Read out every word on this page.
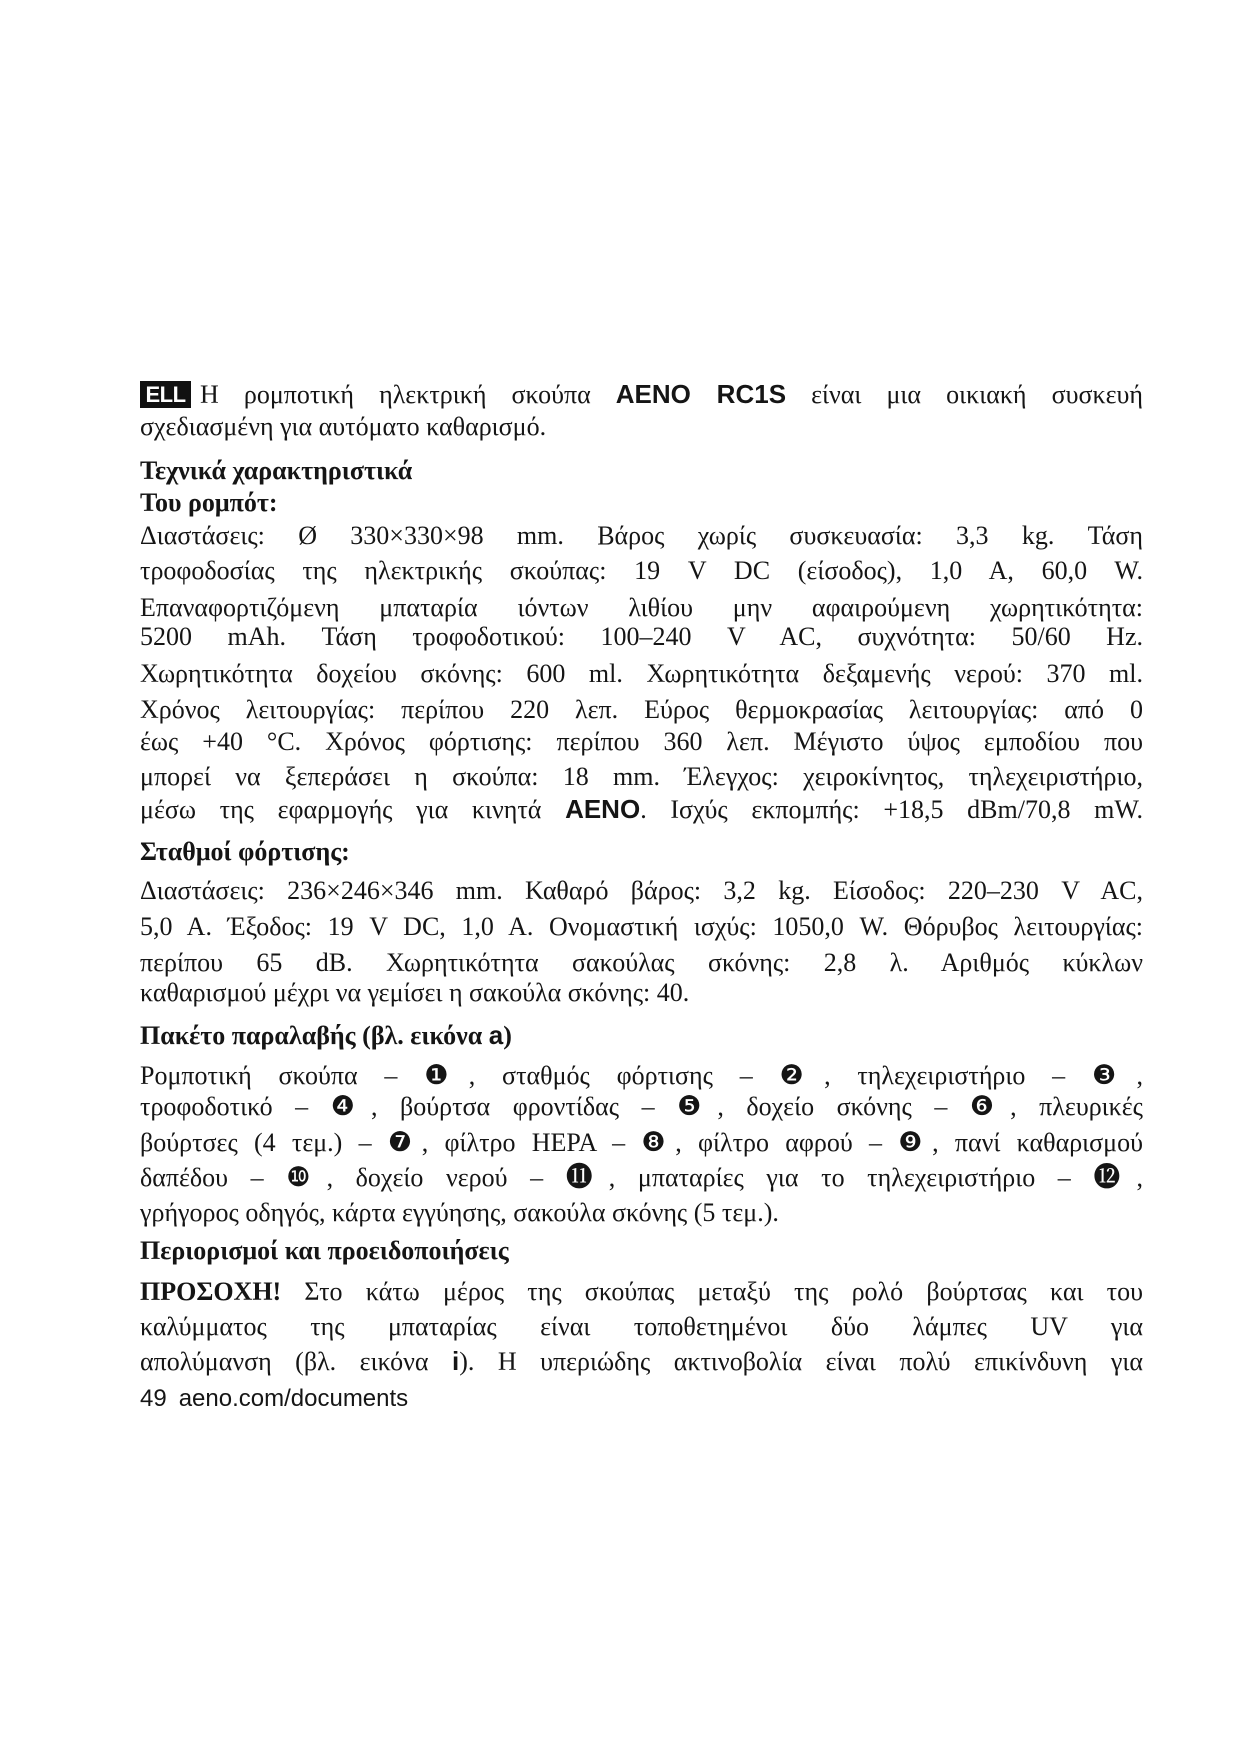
ELL Η ρομποτική ηλεκτρική σκούπα AENO RC1S είναι μια οικιακή συσκευή
σχεδιασμένη για αυτόματο καθαρισμό.
Τεχνικά χαρακτηριστικά
Του ρομπότ:
Διαστάσεις: Ø 330×330×98 mm. Βάρος χωρίς συσκευασία: 3,3 kg. Τάση
τροφοδοσίας της ηλεκτρικής σκούπας: 19 V DC (είσοδος), 1,0 A, 60,0 W.
Επαναφορτιζόμενη μπαταρία ιόντων λιθίου μην αφαιρούμενη χωρητικότητα:
5200 mAh. Τάση τροφοδοτικού: 100–240 V AC, συχνότητα: 50/60 Hz.
Χωρητικότητα δοχείου σκόνης: 600 ml. Χωρητικότητα δεξαμενής νερού: 370 ml.
Χρόνος λειτουργίας: περίπου 220 λεπ. Εύρος θερμοκρασίας λειτουργίας: από 0
έως +40 °C. Χρόνος φόρτισης: περίπου 360 λεπ. Μέγιστο ύψος εμποδίου που
μπορεί να ξεπεράσει η σκούπα: 18 mm. Έλεγχος: χειροκίνητος, τηλεχειριστήριο,
μέσω της εφαρμογής για κινητά AENO. Ισχύς εκπομπής: +18,5 dBm/70,8 mW.
Σταθμοί φόρτισης:
Διαστάσεις: 236×246×346 mm. Καθαρό βάρος: 3,2 kg. Είσοδος: 220–230 V AC,
5,0 A. Έξοδος: 19 V DC, 1,0 A. Ονομαστική ισχύς: 1050,0 W. Θόρυβος λειτουργίας:
περίπου 65 dB. Χωρητικότητα σακούλας σκόνης: 2,8 λ. Αριθμός κύκλων
καθαρισμού μέχρι να γεμίσει η σακούλα σκόνης: 40.
Πακέτο παραλαβής (βλ. εικόνα a)
Ρομποτική σκούπα – ❶, σταθμός φόρτισης – ❷, τηλεχειριστήριο – ❸,
τροφοδοτικό – ❹, βούρτσα φροντίδας – ❺, δοχείο σκόνης – ❻, πλευρικές
βούρτσες (4 τεμ.) – ❼, φίλτρο HEPA – ❽, φίλτρο αφρού – ❾, πανί καθαρισμού
δαπέδου – ❿, δοχείο νερού – ⓫, μπαταρίες για το τηλεχειριστήριο – ⓬,
γρήγορος οδηγός, κάρτα εγγύησης, σακούλα σκόνης (5 τεμ.).
Περιορισμοί και προειδοποιήσεις
ΠΡΟΣΟΧΗ! Στο κάτω μέρος της σκούπας μεταξύ της ρολό βούρτσας και του
καλύμματος της μπαταρίας είναι τοποθετημένοι δύο λάμπες UV για
απολύμανση (βλ. εικόνα i). Η υπεριώδης ακτινοβολία είναι πολύ επικίνδυνη για
49 aeno.com/documents
